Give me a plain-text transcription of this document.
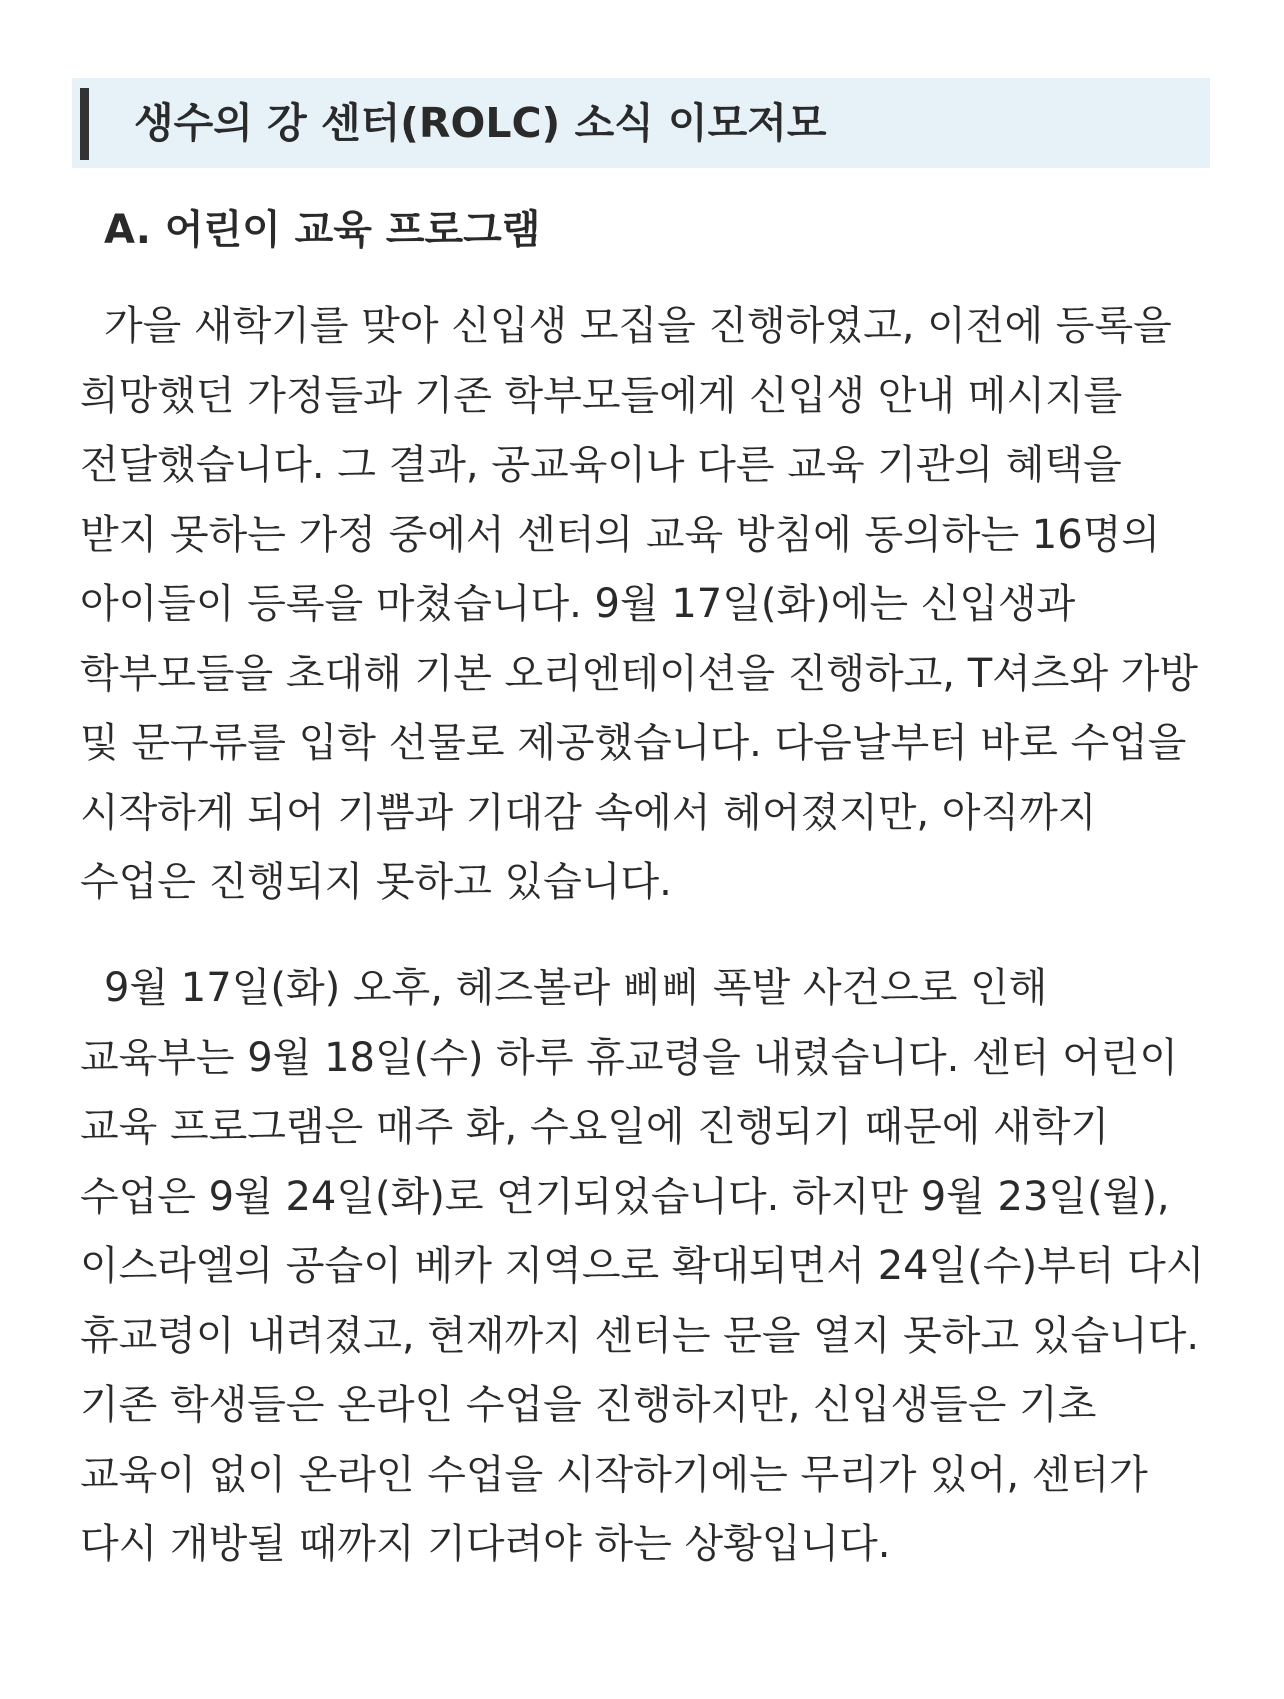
생수의 강 센터(ROLC) 소식 이모저모
A. 어린이 교육 프로그램

가을 새학기를 맞아 신입생 모집을 진행하였고, 이전에 등록을 희망했던 가정들과 기존 학부모들에게 신입생 안내 메시지를 전달했습니다. 그 결과, 공교육이나 다른 교육 기관의 혜택을 받지 못하는 가정 중에서 센터의 교육 방침에 동의하는 16명의 아이들이 등록을 마쳤습니다. 9월 17일(화)에는 신입생과 학부모들을 초대해 기본 오리엔테이션을 진행하고, T셔츠와 가방 및 문구류를 입학 선물로 제공했습니다. 다음날부터 바로 수업을 시작하게 되어 기쁨과 기대감 속에서 헤어졌지만, 아직까지 수업은 진행되지 못하고 있습니다.

9월 17일(화) 오후, 헤즈볼라 삐삐 폭발 사건으로 인해 교육부는 9월 18일(수) 하루 휴교령을 내렸습니다. 센터 어린이 교육 프로그램은 매주 화, 수요일에 진행되기 때문에 새학기 수업은 9월 24일(화)로 연기되었습니다. 하지만 9월 23일(월), 이스라엘의 공습이 베카 지역으로 확대되면서 24일(수)부터 다시 휴교령이 내려졌고, 현재까지 센터는 문을 열지 못하고 있습니다. 기존 학생들은 온라인 수업을 진행하지만, 신입생들은 기초 교육이 없이 온라인 수업을 시작하기에는 무리가 있어, 센터가 다시 개방될 때까지 기다려야 하는 상황입니다.
